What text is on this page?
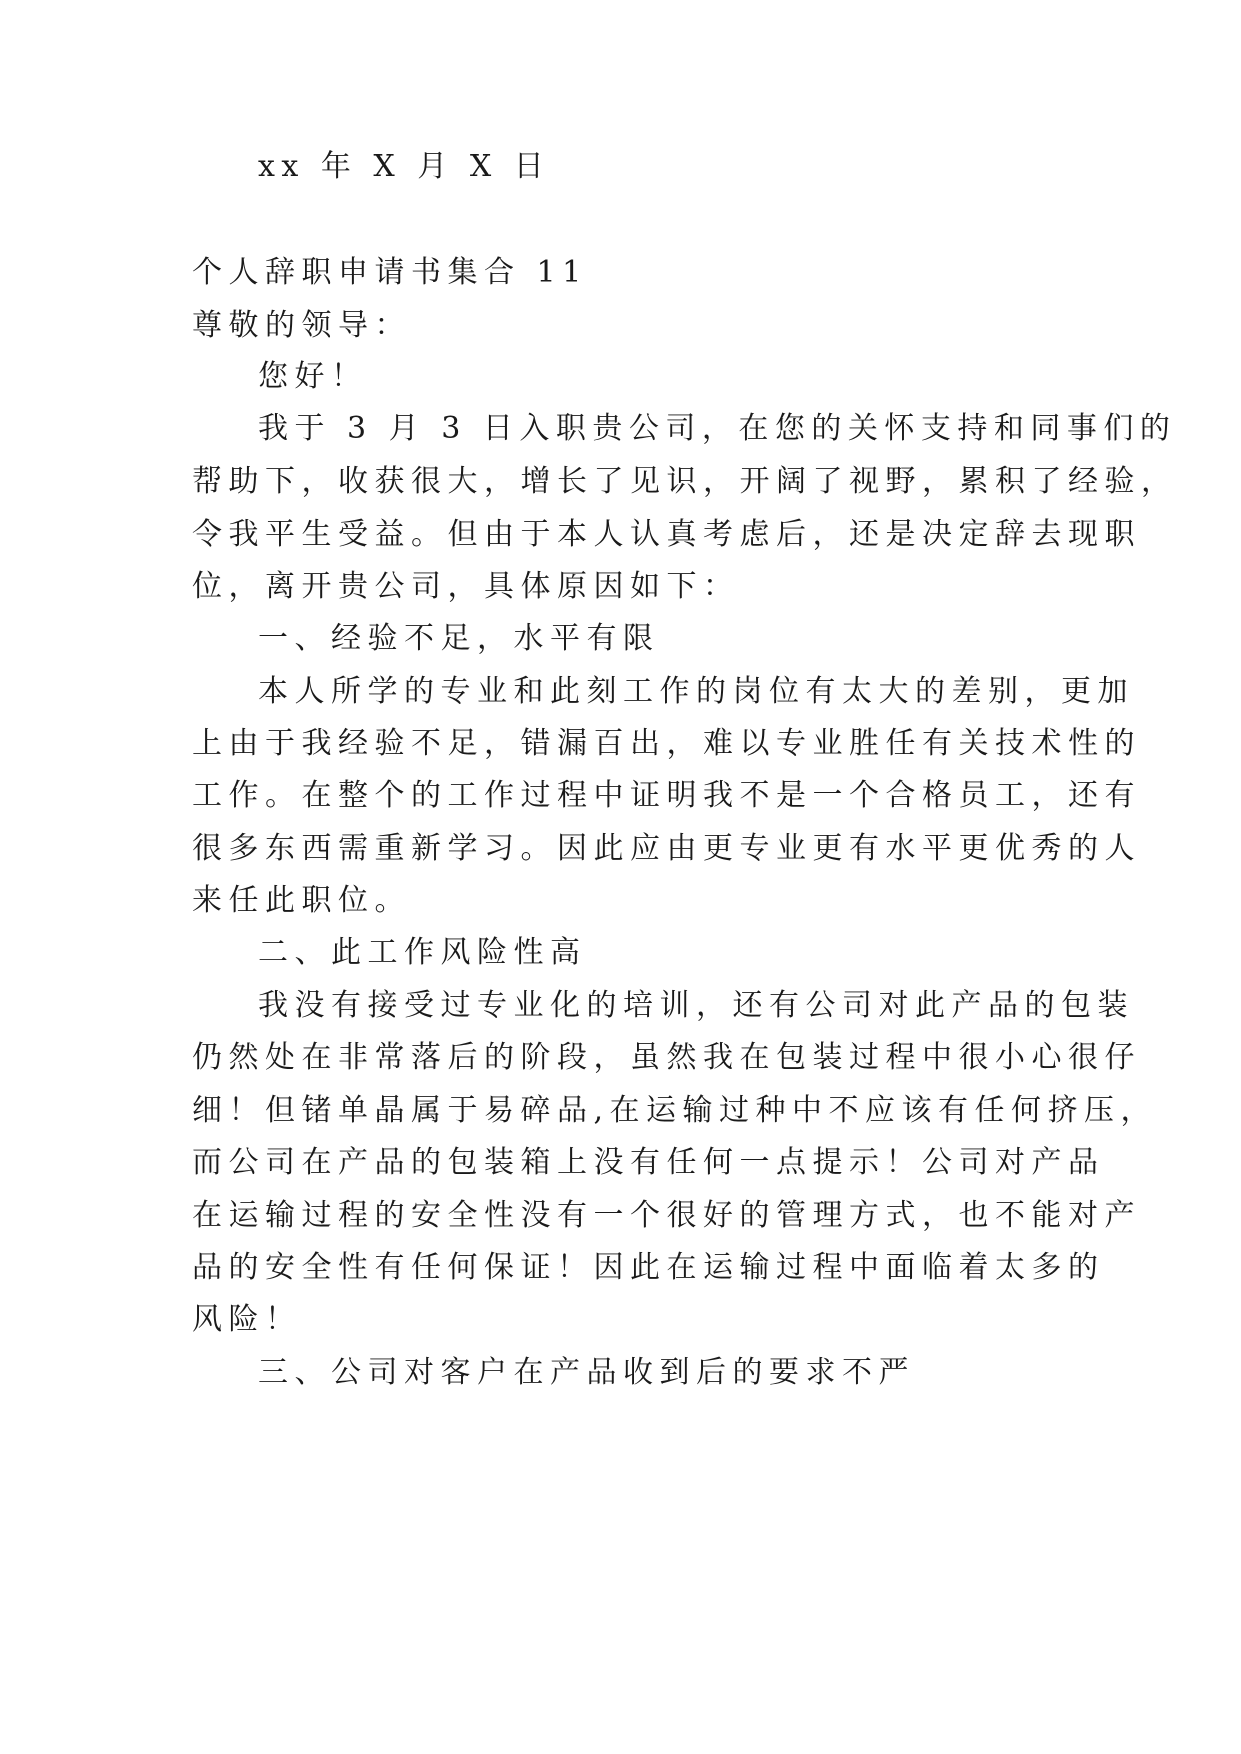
xx 年 X 月 X 日
个人辞职申请书集合 11
尊敬的领导：
您好！
我于 3 月 3 日入职贵公司，在您的关怀支持和同事们的
帮助下，收获很大，增长了见识，开阔了视野，累积了经验，
令我平生受益。但由于本人认真考虑后，还是决定辞去现职
位，离开贵公司，具体原因如下：
一、经验不足，水平有限
本人所学的专业和此刻工作的岗位有太大的差别，更加
上由于我经验不足，错漏百出，难以专业胜任有关技术性的
工作。在整个的工作过程中证明我不是一个合格员工，还有
很多东西需重新学习。因此应由更专业更有水平更优秀的人
来任此职位。
二、此工作风险性高
我没有接受过专业化的培训，还有公司对此产品的包装
仍然处在非常落后的阶段，虽然我在包装过程中很小心很仔
细！但锗单晶属于易碎品,在运输过种中不应该有任何挤压，
而公司在产品的包装箱上没有任何一点提示！公司对产品
在运输过程的安全性没有一个很好的管理方式，也不能对产
品的安全性有任何保证！因此在运输过程中面临着太多的
风险！
三、公司对客户在产品收到后的要求不严
